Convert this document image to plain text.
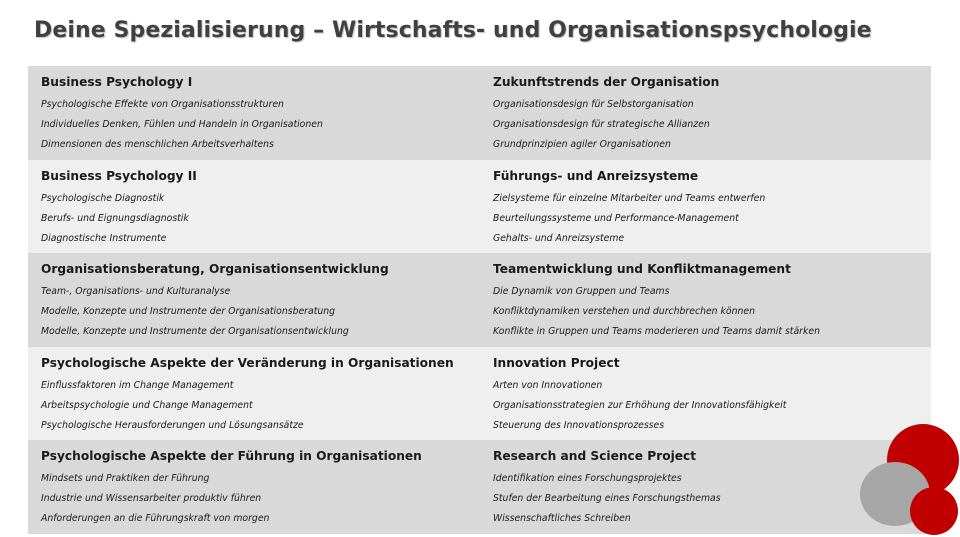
Deine Spezialisierung – Wirtschafts- und Organisationspsychologie
Business Psychology I
Psychologische Effekte von Organisationsstrukturen
Individuelles Denken, Fühlen und Handeln in Organisationen
Dimensionen des menschlichen Arbeitsverhaltens
Zukunftstrends der Organisation
Organisationsdesign für Selbstorganisation
Organisationsdesign für strategische Allianzen
Grundprinzipien agiler Organisationen
Business Psychology II
Psychologische Diagnostik
Berufs- und Eignungsdiagnostik
Diagnostische Instrumente
Führungs- und Anreizsysteme
Zielsysteme für einzelne Mitarbeiter und Teams entwerfen
Beurteilungssysteme und Performance-Management
Gehalts- und Anreizsysteme
Organisationsberatung, Organisationsentwicklung
Team-, Organisations- und Kulturanalyse
Modelle, Konzepte und Instrumente der Organisationsberatung
Modelle, Konzepte und Instrumente der Organisationsentwicklung
Teamentwicklung und Konfliktmanagement
Die Dynamik von Gruppen und Teams
Konfliktdynamiken verstehen und durchbrechen können
Konflikte in Gruppen und Teams moderieren und Teams damit stärken
Psychologische Aspekte der Veränderung in Organisationen
Einflussfaktoren im Change Management
Arbeitspsychologie und Change Management
Psychologische Herausforderungen und Lösungsansätze
Innovation Project
Arten von Innovationen
Organisationsstrategien zur Erhöhung der Innovationsfähigkeit
Steuerung des Innovationsprozesses
Psychologische Aspekte der Führung in Organisationen
Mindsets und Praktiken der Führung
Industrie und Wissensarbeiter produktiv führen
Anforderungen an die Führungskraft von morgen
Research and Science Project
Identifikation eines Forschungsprojektes
Stufen der Bearbeitung eines Forschungsthemas
Wissenschaftliches Schreiben
